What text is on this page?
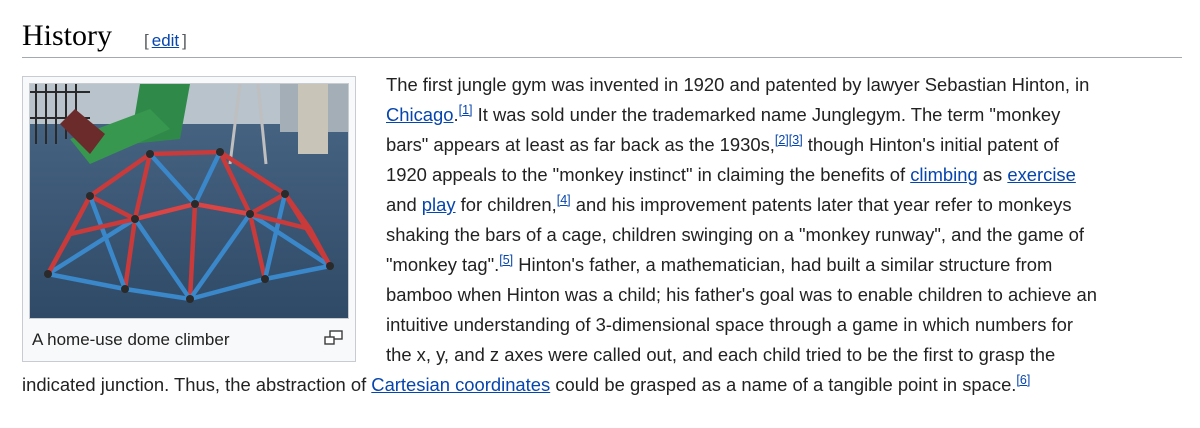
History [ edit ]
A home-use dome climber
The first jungle gym was invented in 1920 and patented by lawyer Sebastian Hinton, in
Chicago.[1] It was sold under the trademarked name Junglegym. The term "monkey
bars" appears at least as far back as the 1930s,[2][3] though Hinton's initial patent of
1920 appeals to the "monkey instinct" in claiming the benefits of climbing as exercise
and play for children,[4] and his improvement patents later that year refer to monkeys
shaking the bars of a cage, children swinging on a "monkey runway", and the game of
"monkey tag".[5] Hinton's father, a mathematician, had built a similar structure from
bamboo when Hinton was a child; his father's goal was to enable children to achieve an
intuitive understanding of 3-dimensional space through a game in which numbers for
the x, y, and z axes were called out, and each child tried to be the first to grasp the
indicated junction. Thus, the abstraction of Cartesian coordinates could be grasped as a name of a tangible point in space.[6]
